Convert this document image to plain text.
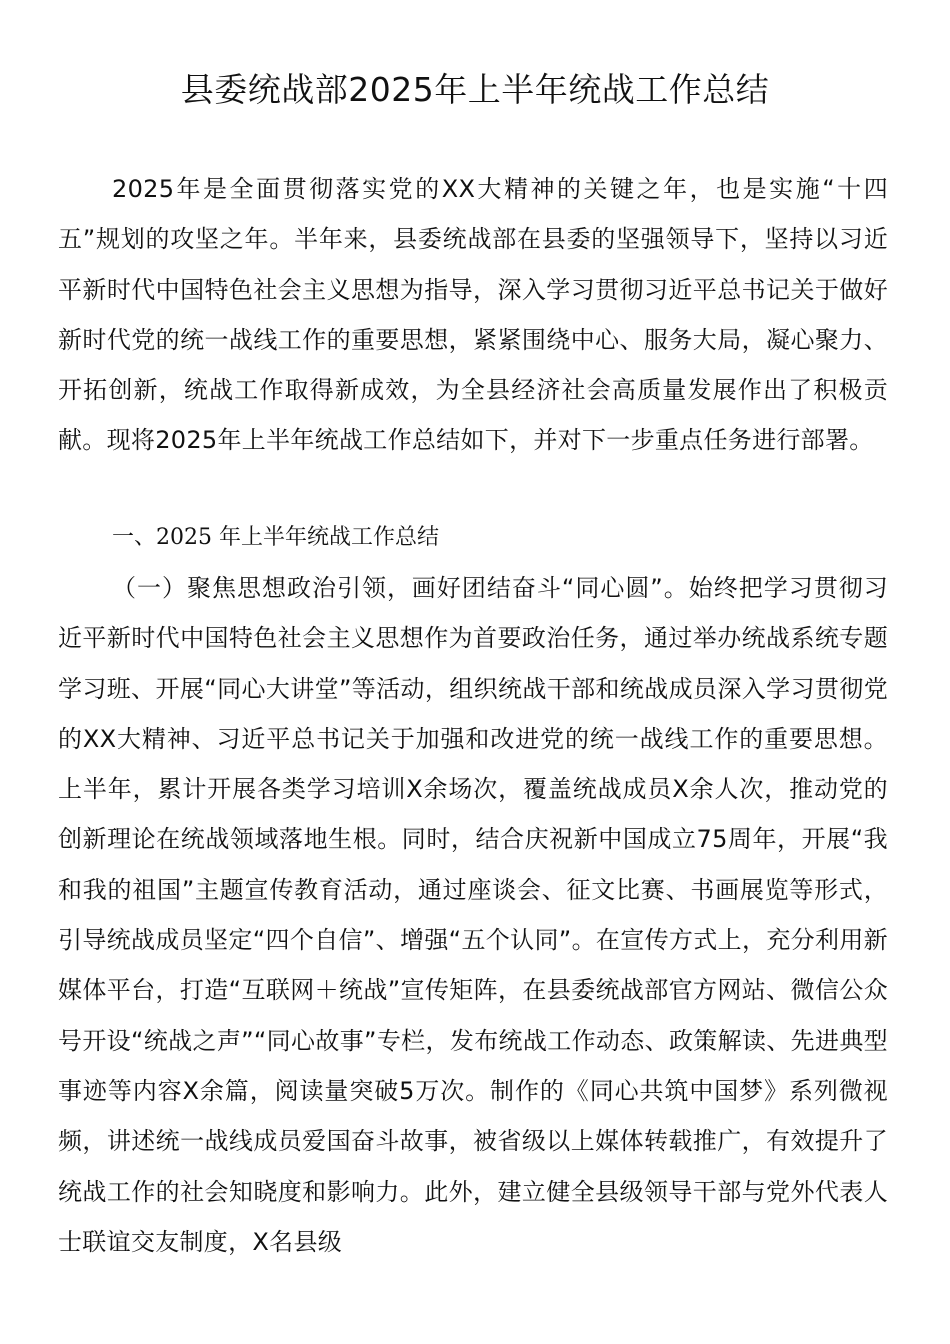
县委统战部2025年上半年统战工作总结

2025年是全面贯彻落实党的XX大精神的关键之年，也是实施“十四五”规划的攻坚之年。半年来，县委统战部在县委的坚强领导下，坚持以习近平新时代中国特色社会主义思想为指导，深入学习贯彻习近平总书记关于做好新时代党的统一战线工作的重要思想，紧紧围绕中心、服务大局，凝心聚力、开拓创新，统战工作取得新成效，为全县经济社会高质量发展作出了积极贡献。现将2025年上半年统战工作总结如下，并对下一步重点任务进行部署。

一、2025 年上半年统战工作总结

（一）聚焦思想政治引领，画好团结奋斗“同心圆”。始终把学习贯彻习近平新时代中国特色社会主义思想作为首要政治任务，通过举办统战系统专题学习班、开展“同心大讲堂”等活动，组织统战干部和统战成员深入学习贯彻党的XX大精神、习近平总书记关于加强和改进党的统一战线工作的重要思想。上半年，累计开展各类学习培训X余场次，覆盖统战成员X余人次，推动党的创新理论在统战领域落地生根。同时，结合庆祝新中国成立75周年，开展“我和我的祖国”主题宣传教育活动，通过座谈会、征文比赛、书画展览等形式，引导统战成员坚定“四个自信”、增强“五个认同”。在宣传方式上，充分利用新媒体平台，打造“互联网＋统战”宣传矩阵，在县委统战部官方网站、微信公众号开设“统战之声”“同心故事”专栏，发布统战工作动态、政策解读、先进典型事迹等内容X余篇，阅读量突破5万次。制作的《同心共筑中国梦》系列微视频，讲述统一战线成员爱国奋斗故事，被省级以上媒体转载推广，有效提升了统战工作的社会知晓度和影响力。此外，建立健全县级领导干部与党外代表人士联谊交友制度，X名县级
